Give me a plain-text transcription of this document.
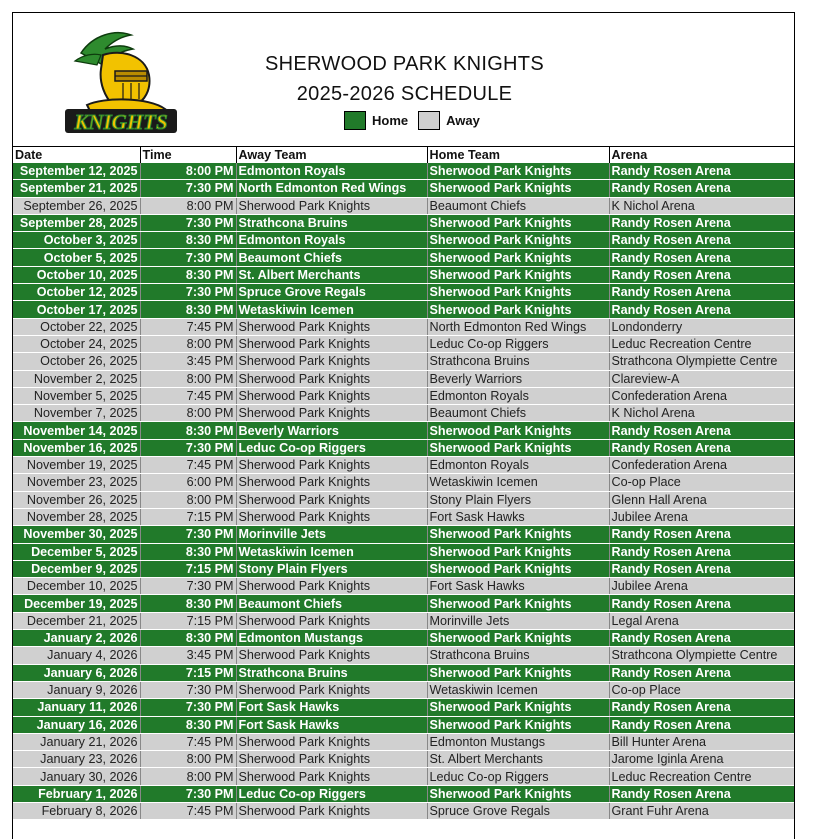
KNIGHTS
SHERWOOD PARK KNIGHTS
2025-2026 SCHEDULE
Home	Away
Date	Time	Away Team	Home Team	Arena
September 12, 2025	8:00 PM	Edmonton Royals	Sherwood Park Knights	Randy Rosen Arena
September 21, 2025	7:30 PM	North Edmonton Red Wings	Sherwood Park Knights	Randy Rosen Arena
September 26, 2025	8:00 PM	Sherwood Park Knights	Beaumont Chiefs	K Nichol Arena
September 28, 2025	7:30 PM	Strathcona Bruins	Sherwood Park Knights	Randy Rosen Arena
October 3, 2025	8:30 PM	Edmonton Royals	Sherwood Park Knights	Randy Rosen Arena
October 5, 2025	7:30 PM	Beaumont Chiefs	Sherwood Park Knights	Randy Rosen Arena
October 10, 2025	8:30 PM	St. Albert Merchants	Sherwood Park Knights	Randy Rosen Arena
October 12, 2025	7:30 PM	Spruce Grove Regals	Sherwood Park Knights	Randy Rosen Arena
October 17, 2025	8:30 PM	Wetaskiwin Icemen	Sherwood Park Knights	Randy Rosen Arena
October 22, 2025	7:45 PM	Sherwood Park Knights	North Edmonton Red Wings	Londonderry
October 24, 2025	8:00 PM	Sherwood Park Knights	Leduc Co-op Riggers	Leduc Recreation Centre
October 26, 2025	3:45 PM	Sherwood Park Knights	Strathcona Bruins	Strathcona Olympiette Centre
November 2, 2025	8:00 PM	Sherwood Park Knights	Beverly Warriors	Clareview-A
November 5, 2025	7:45 PM	Sherwood Park Knights	Edmonton Royals	Confederation Arena
November 7, 2025	8:00 PM	Sherwood Park Knights	Beaumont Chiefs	K Nichol Arena
November 14, 2025	8:30 PM	Beverly Warriors	Sherwood Park Knights	Randy Rosen Arena
November 16, 2025	7:30 PM	Leduc Co-op Riggers	Sherwood Park Knights	Randy Rosen Arena
November 19, 2025	7:45 PM	Sherwood Park Knights	Edmonton Royals	Confederation Arena
November 23, 2025	6:00 PM	Sherwood Park Knights	Wetaskiwin Icemen	Co-op Place
November 26, 2025	8:00 PM	Sherwood Park Knights	Stony Plain Flyers	Glenn Hall Arena
November 28, 2025	7:15 PM	Sherwood Park Knights	Fort Sask Hawks	Jubilee Arena
November 30, 2025	7:30 PM	Morinville Jets	Sherwood Park Knights	Randy Rosen Arena
December 5, 2025	8:30 PM	Wetaskiwin Icemen	Sherwood Park Knights	Randy Rosen Arena
December 9, 2025	7:15 PM	Stony Plain Flyers	Sherwood Park Knights	Randy Rosen Arena
December 10, 2025	7:30 PM	Sherwood Park Knights	Fort Sask Hawks	Jubilee Arena
December 19, 2025	8:30 PM	Beaumont Chiefs	Sherwood Park Knights	Randy Rosen Arena
December 21, 2025	7:15 PM	Sherwood Park Knights	Morinville Jets	Legal Arena
January 2, 2026	8:30 PM	Edmonton Mustangs	Sherwood Park Knights	Randy Rosen Arena
January 4, 2026	3:45 PM	Sherwood Park Knights	Strathcona Bruins	Strathcona Olympiette Centre
January 6, 2026	7:15 PM	Strathcona Bruins	Sherwood Park Knights	Randy Rosen Arena
January 9, 2026	7:30 PM	Sherwood Park Knights	Wetaskiwin Icemen	Co-op Place
January 11, 2026	7:30 PM	Fort Sask Hawks	Sherwood Park Knights	Randy Rosen Arena
January 16, 2026	8:30 PM	Fort Sask Hawks	Sherwood Park Knights	Randy Rosen Arena
January 21, 2026	7:45 PM	Sherwood Park Knights	Edmonton Mustangs	Bill Hunter Arena
January 23, 2026	8:00 PM	Sherwood Park Knights	St. Albert Merchants	Jarome Iginla Arena
January 30, 2026	8:00 PM	Sherwood Park Knights	Leduc Co-op Riggers	Leduc Recreation Centre
February 1, 2026	7:30 PM	Leduc Co-op Riggers	Sherwood Park Knights	Randy Rosen Arena
February 8, 2026	7:45 PM	Sherwood Park Knights	Spruce Grove Regals	Grant Fuhr Arena
